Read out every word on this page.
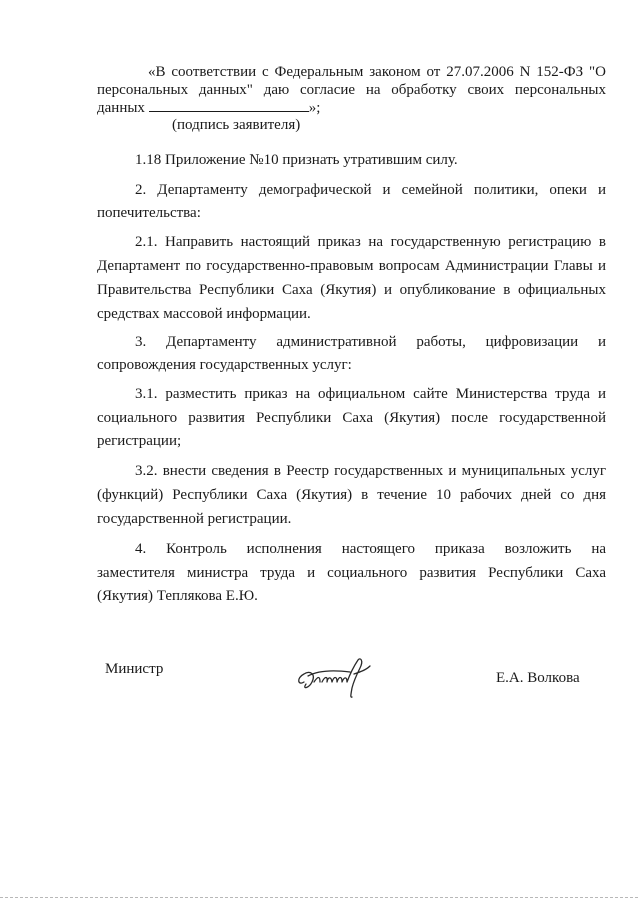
«В соответствии с Федеральным законом от 27.07.2006 N 152-ФЗ "О
персональных данных" даю согласие на обработку своих персональных
данных	»;
(подпись заявителя)
1.18 Приложение №10 признать утратившим силу.
2. Департаменту демографической и семейной политики, опеки и
попечительства:
2.1. Направить настоящий приказ на государственную регистрацию в
Департамент по государственно-правовым вопросам Администрации Главы и
Правительства Республики Саха (Якутия) и опубликование в официальных
средствах массовой информации.
3. Департаменту административной работы, цифровизации и
сопровождения государственных услуг:
3.1. разместить приказ на официальном сайте Министерства труда и
социального развития Республики Саха (Якутия) после государственной
регистрации;
3.2. внести сведения в Реестр государственных и муниципальных услуг
(функций) Республики Саха (Якутия) в течение 10 рабочих дней со дня
государственной регистрации.
4. Контроль исполнения настоящего приказа возложить на
заместителя министра труда и социального развития Республики Саха
(Якутия) Теплякова Е.Ю.
Министр
Е.А. Волкова
